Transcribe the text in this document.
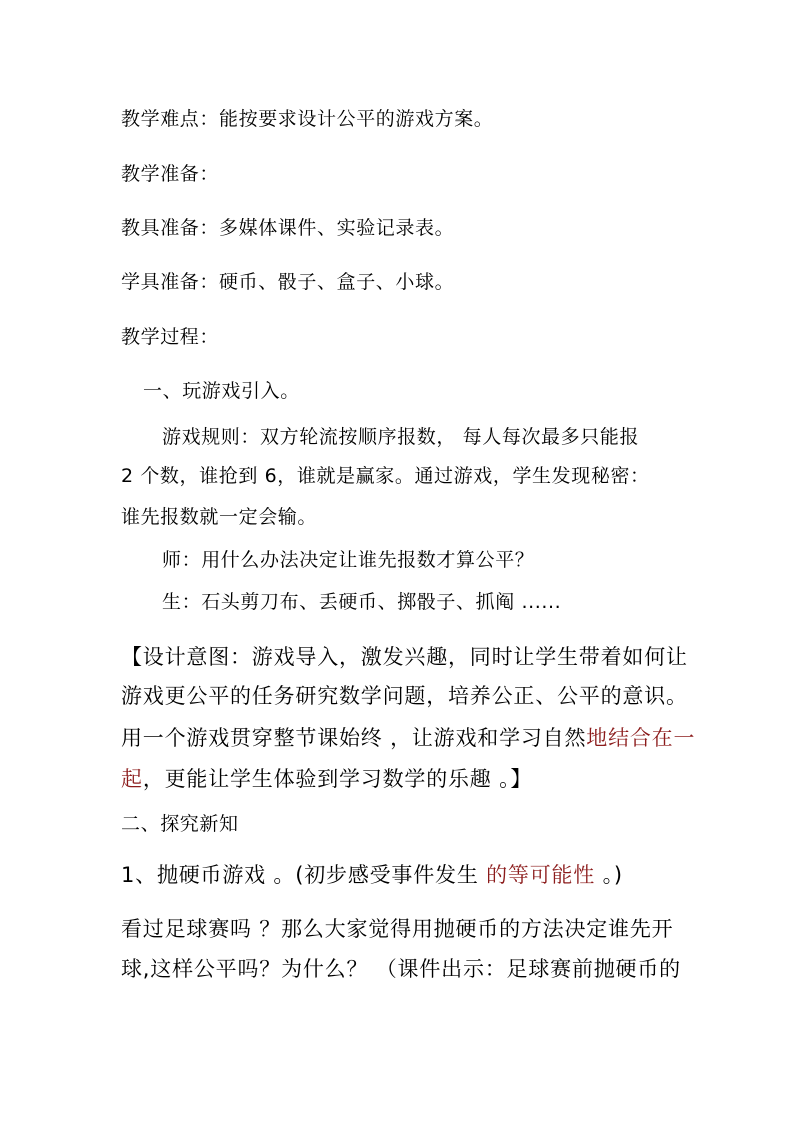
教学难点：能按要求设计公平的游戏方案。
教学准备：
教具准备：多媒体课件、实验记录表。
学具准备：硬币、骰子、盒子、小球。
教学过程：
一、玩游戏引入。
游戏规则：双方轮流按顺序报数， 每人每次最多只能报
2 个数，谁抢到 6，谁就是赢家。通过游戏，学生发现秘密：
谁先报数就一定会输。
师：用什么办法决定让谁先报数才算公平？
生：石头剪刀布、丢硬币、掷骰子、抓阄 ......
【设计意图：游戏导入，激发兴趣，同时让学生带着如何让
游戏更公平的任务研究数学问题，培养公正、公平的意识。
用一个游戏贯穿整节课始终 ，让游戏和学习自然地结合在一
起，更能让学生体验到学习数学的乐趣 。】
二、探究新知
1、抛硬币游戏 。(初步感受事件发生 的等可能性 。)
看过足球赛吗 ？那么大家觉得用抛硬币的方法决定谁先开
球,这样公平吗？为什么？ （课件出示：足球赛前抛硬币的
